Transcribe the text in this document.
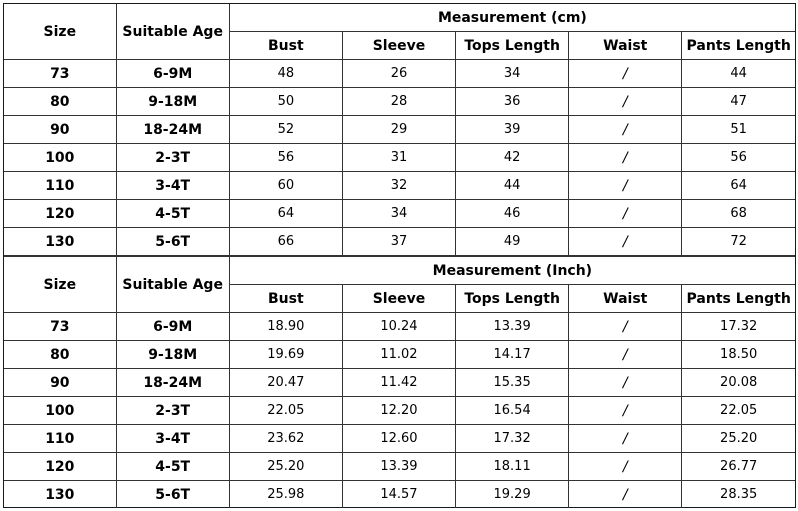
Size	Suitable Age	Measurement (cm)				
		Bust	Sleeve	Tops Length	Waist	Pants Length
73	6-9M	48	26	34	/	44
80	9-18M	50	28	36	/	47
90	18-24M	52	29	39	/	51
100	2-3T	56	31	42	/	56
110	3-4T	60	32	44	/	64
120	4-5T	64	34	46	/	68
130	5-6T	66	37	49	/	72
Size	Suitable Age	Measurement (Inch)				
		Bust	Sleeve	Tops Length	Waist	Pants Length
73	6-9M	18.90	10.24	13.39	/	17.32
80	9-18M	19.69	11.02	14.17	/	18.50
90	18-24M	20.47	11.42	15.35	/	20.08
100	2-3T	22.05	12.20	16.54	/	22.05
110	3-4T	23.62	12.60	17.32	/	25.20
120	4-5T	25.20	13.39	18.11	/	26.77
130	5-6T	25.98	14.57	19.29	/	28.35
